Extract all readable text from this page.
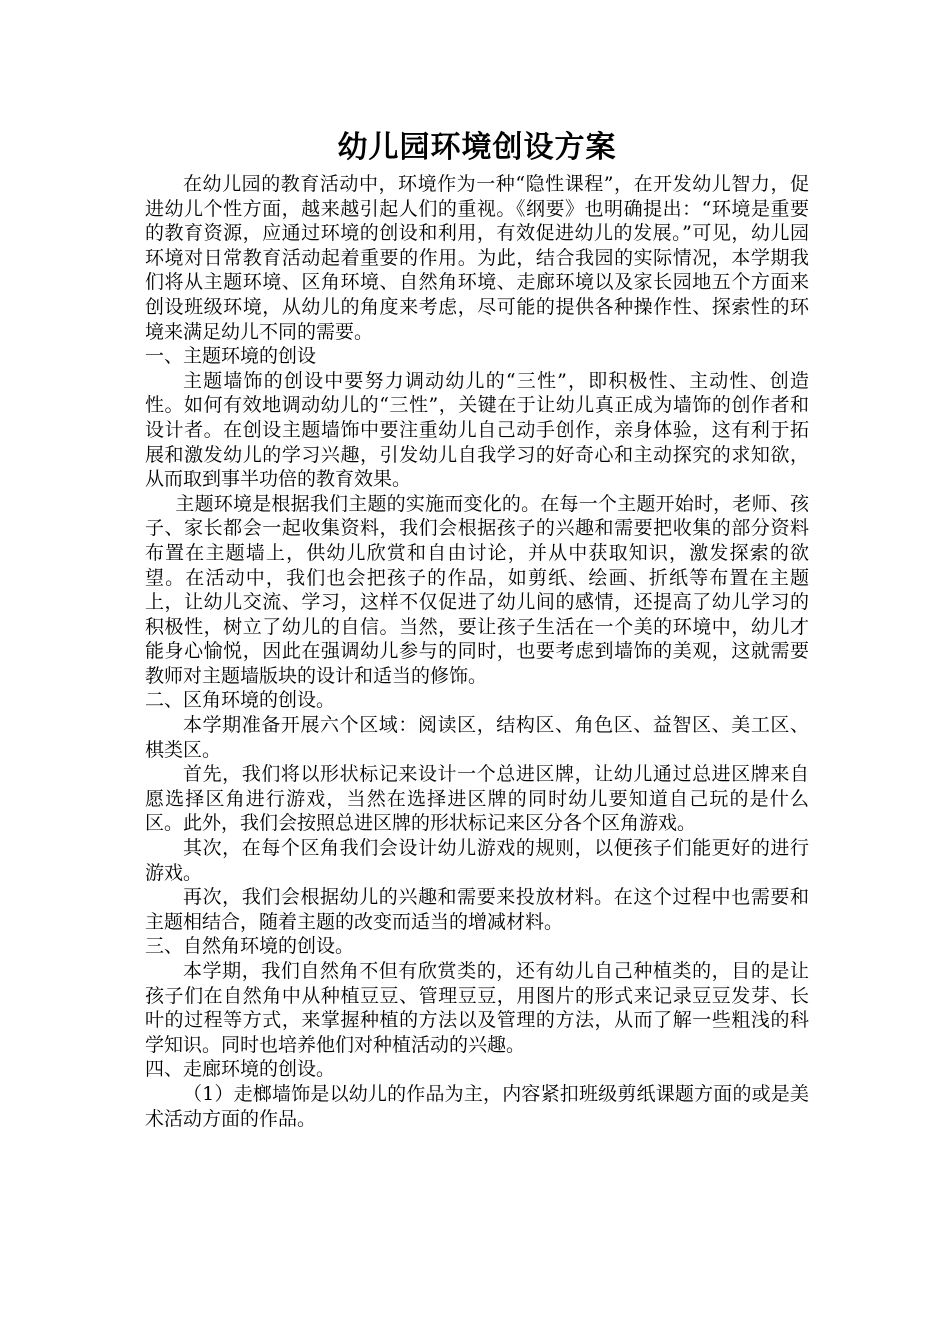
幼儿园环境创设方案

在幼儿园的教育活动中，环境作为一种“隐性课程”，在开发幼儿智力，促进幼儿个性方面，越来越引起人们的重视。《纲要》也明确提出：“环境是重要的教育资源，应通过环境的创设和利用，有效促进幼儿的发展。”可见，幼儿园环境对日常教育活动起着重要的作用。为此，结合我园的实际情况，本学期我们将从主题环境、区角环境、自然角环境、走廊环境以及家长园地五个方面来创设班级环境，从幼儿的角度来考虑，尽可能的提供各种操作性、探索性的环境来满足幼儿不同的需要。

一、主题环境的创设

主题墙饰的创设中要努力调动幼儿的“三性”，即积极性、主动性、创造性。如何有效地调动幼儿的“三性”，关键在于让幼儿真正成为墙饰的创作者和设计者。在创设主题墙饰中要注重幼儿自己动手创作，亲身体验，这有利于拓展和激发幼儿的学习兴趣，引发幼儿自我学习的好奇心和主动探究的求知欲，从而取到事半功倍的教育效果。

主题环境是根据我们主题的实施而变化的。在每一个主题开始时，老师、孩子、家长都会一起收集资料，我们会根据孩子的兴趣和需要把收集的部分资料布置在主题墙上，供幼儿欣赏和自由讨论，并从中获取知识，激发探索的欲望。在活动中，我们也会把孩子的作品，如剪纸、绘画、折纸等布置在主题上，让幼儿交流、学习，这样不仅促进了幼儿间的感情，还提高了幼儿学习的积极性，树立了幼儿的自信。当然，要让孩子生活在一个美的环境中，幼儿才能身心愉悦，因此在强调幼儿参与的同时，也要考虑到墙饰的美观，这就需要教师对主题墙版块的设计和适当的修饰。

二、区角环境的创设。

本学期准备开展六个区域：阅读区，结构区、角色区、益智区、美工区、棋类区。

首先，我们将以形状标记来设计一个总进区牌，让幼儿通过总进区牌来自愿选择区角进行游戏，当然在选择进区牌的同时幼儿要知道自己玩的是什么区。此外，我们会按照总进区牌的形状标记来区分各个区角游戏。

其次，在每个区角我们会设计幼儿游戏的规则，以便孩子们能更好的进行游戏。

再次，我们会根据幼儿的兴趣和需要来投放材料。在这个过程中也需要和主题相结合，随着主题的改变而适当的增减材料。

三、自然角环境的创设。

本学期，我们自然角不但有欣赏类的，还有幼儿自己种植类的，目的是让孩子们在自然角中从种植豆豆、管理豆豆，用图片的形式来记录豆豆发芽、长叶的过程等方式，来掌握种植的方法以及管理的方法，从而了解一些粗浅的科学知识。同时也培养他们对种植活动的兴趣。

四、走廊环境的创设。

（1）走榔墙饰是以幼儿的作品为主，内容紧扣班级剪纸课题方面的或是美术活动方面的作品。
